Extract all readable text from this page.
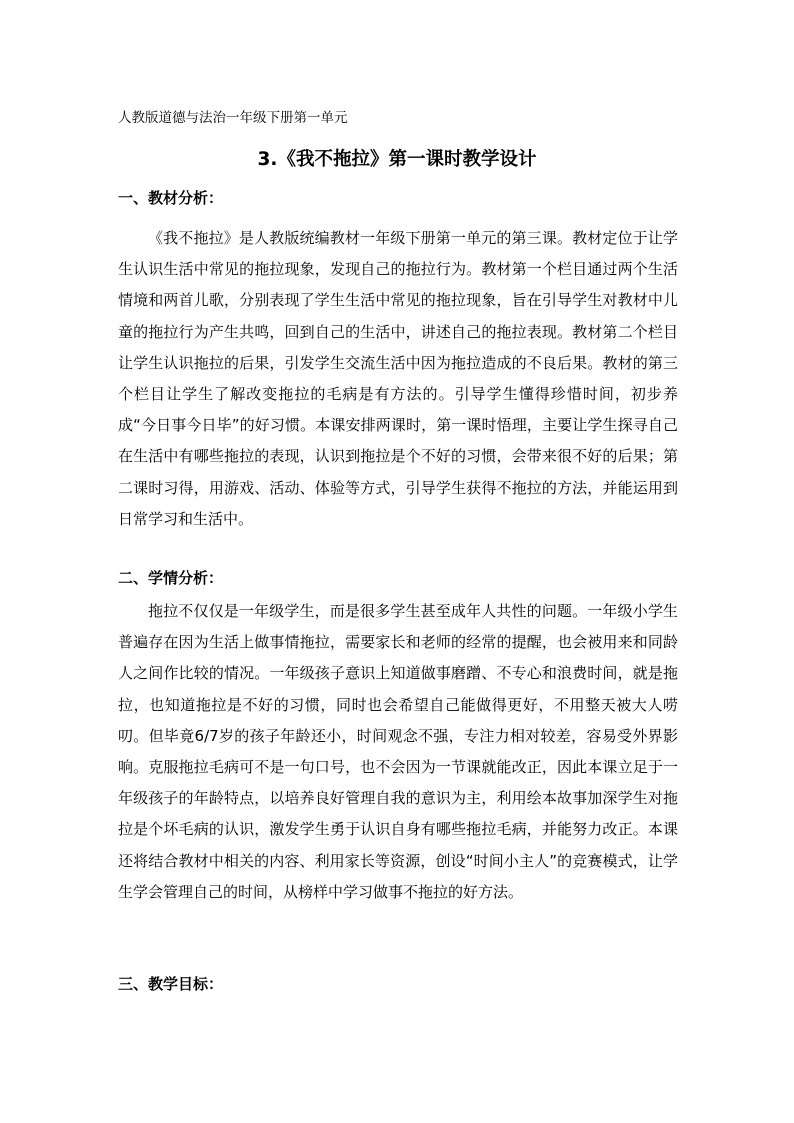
人教版道德与法治一年级下册第一单元
3.《我不拖拉》第一课时教学设计
一、教材分析：

《我不拖拉》是人教版统编教材一年级下册第一单元的第三课。教材定位于让学生认识生活中常见的拖拉现象，发现自己的拖拉行为。教材第一个栏目通过两个生活情境和两首儿歌，分别表现了学生生活中常见的拖拉现象，旨在引导学生对教材中儿童的拖拉行为产生共鸣，回到自己的生活中，讲述自己的拖拉表现。教材第二个栏目让学生认识拖拉的后果，引发学生交流生活中因为拖拉造成的不良后果。教材的第三个栏目让学生了解改变拖拉的毛病是有方法的。引导学生懂得珍惜时间，初步养成“今日事今日毕”的好习惯。本课安排两课时，第一课时悟理，主要让学生探寻自己在生活中有哪些拖拉的表现，认识到拖拉是个不好的习惯，会带来很不好的后果；第二课时习得，用游戏、活动、体验等方式，引导学生获得不拖拉的方法，并能运用到日常学习和生活中。

二、学情分析：

拖拉不仅仅是一年级学生，而是很多学生甚至成年人共性的问题。一年级小学生普遍存在因为生活上做事情拖拉，需要家长和老师的经常的提醒，也会被用来和同龄人之间作比较的情况。一年级孩子意识上知道做事磨蹭、不专心和浪费时间，就是拖拉，也知道拖拉是不好的习惯，同时也会希望自己能做得更好，不用整天被大人唠叨。但毕竟6/7岁的孩子年龄还小，时间观念不强，专注力相对较差，容易受外界影响。克服拖拉毛病可不是一句口号，也不会因为一节课就能改正，因此本课立足于一年级孩子的年龄特点，以培养良好管理自我的意识为主，利用绘本故事加深学生对拖拉是个坏毛病的认识，激发学生勇于认识自身有哪些拖拉毛病，并能努力改正。本课还将结合教材中相关的内容、利用家长等资源，创设“时间小主人”的竞赛模式，让学生学会管理自己的时间，从榜样中学习做事不拖拉的好方法。

三、教学目标：
